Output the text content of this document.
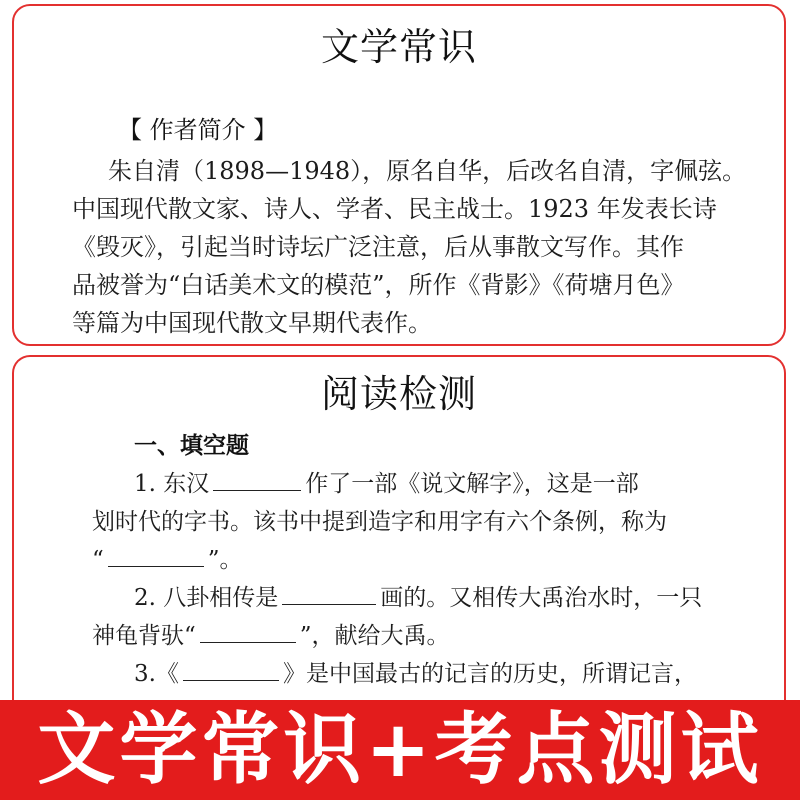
文学常识
【 作者简介 】
朱自清（1898—1948），原名自华，后改名自清，字佩弦。
中国现代散文家、诗人、学者、民主战士。1923 年发表长诗
《毁灭》，引起当时诗坛广泛注意，后从事散文写作。其作
品被誉为“白话美术文的模范”，所作《背影》《荷塘月色》
等篇为中国现代散文早期代表作。
阅读检测
一、填空题
1. 东汉	作了一部《说文解字》，这是一部
划时代的字书。该书中提到造字和用字有六个条例，称为
“	”。
2. 八卦相传是	画的。又相传大禹治水时，一只
神龟背驮“	”，献给大禹。
3.《	》是中国最古的记言的历史，所谓记言，
文学常识+考点测试
